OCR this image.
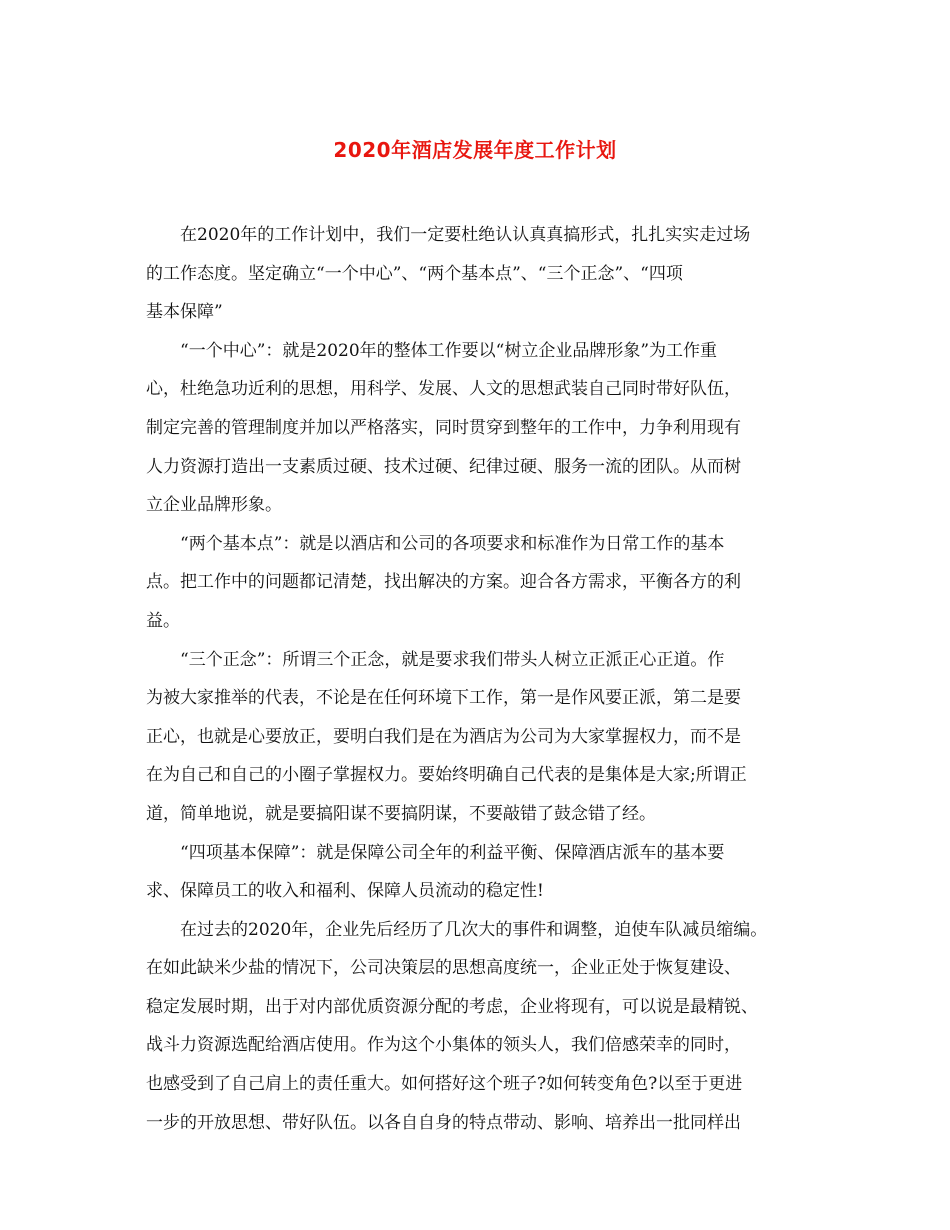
2020年酒店发展年度工作计划
在2020年的工作计划中，我们一定要杜绝认认真真搞形式，扎扎实实走过场
的工作态度。坚定确立“一个中心”、“两个基本点”、“三个正念”、“四项
基本保障”
“一个中心”：就是2020年的整体工作要以“树立企业品牌形象”为工作重
心，杜绝急功近利的思想，用科学、发展、人文的思想武装自己同时带好队伍，
制定完善的管理制度并加以严格落实，同时贯穿到整年的工作中，力争利用现有
人力资源打造出一支素质过硬、技术过硬、纪律过硬、服务一流的团队。从而树
立企业品牌形象。
“两个基本点”：就是以酒店和公司的各项要求和标准作为日常工作的基本
点。把工作中的问题都记清楚，找出解决的方案。迎合各方需求，平衡各方的利
益。
“三个正念”：所谓三个正念，就是要求我们带头人树立正派正心正道。作
为被大家推举的代表，不论是在任何环境下工作，第一是作风要正派，第二是要
正心，也就是心要放正，要明白我们是在为酒店为公司为大家掌握权力，而不是
在为自己和自己的小圈子掌握权力。要始终明确自己代表的是集体是大家;所谓正
道，简单地说，就是要搞阳谋不要搞阴谋，不要敲错了鼓念错了经。
“四项基本保障”：就是保障公司全年的利益平衡、保障酒店派车的基本要
求、保障员工的收入和福利、保障人员流动的稳定性!
在过去的2020年，企业先后经历了几次大的事件和调整，迫使车队减员缩编。
在如此缺米少盐的情况下，公司决策层的思想高度统一，企业正处于恢复建设、
稳定发展时期，出于对内部优质资源分配的考虑，企业将现有，可以说是最精锐、
战斗力资源选配给酒店使用。作为这个小集体的领头人，我们倍感荣幸的同时，
也感受到了自己肩上的责任重大。如何搭好这个班子?如何转变角色?以至于更进
一步的开放思想、带好队伍。以各自自身的特点带动、影响、培养出一批同样出
